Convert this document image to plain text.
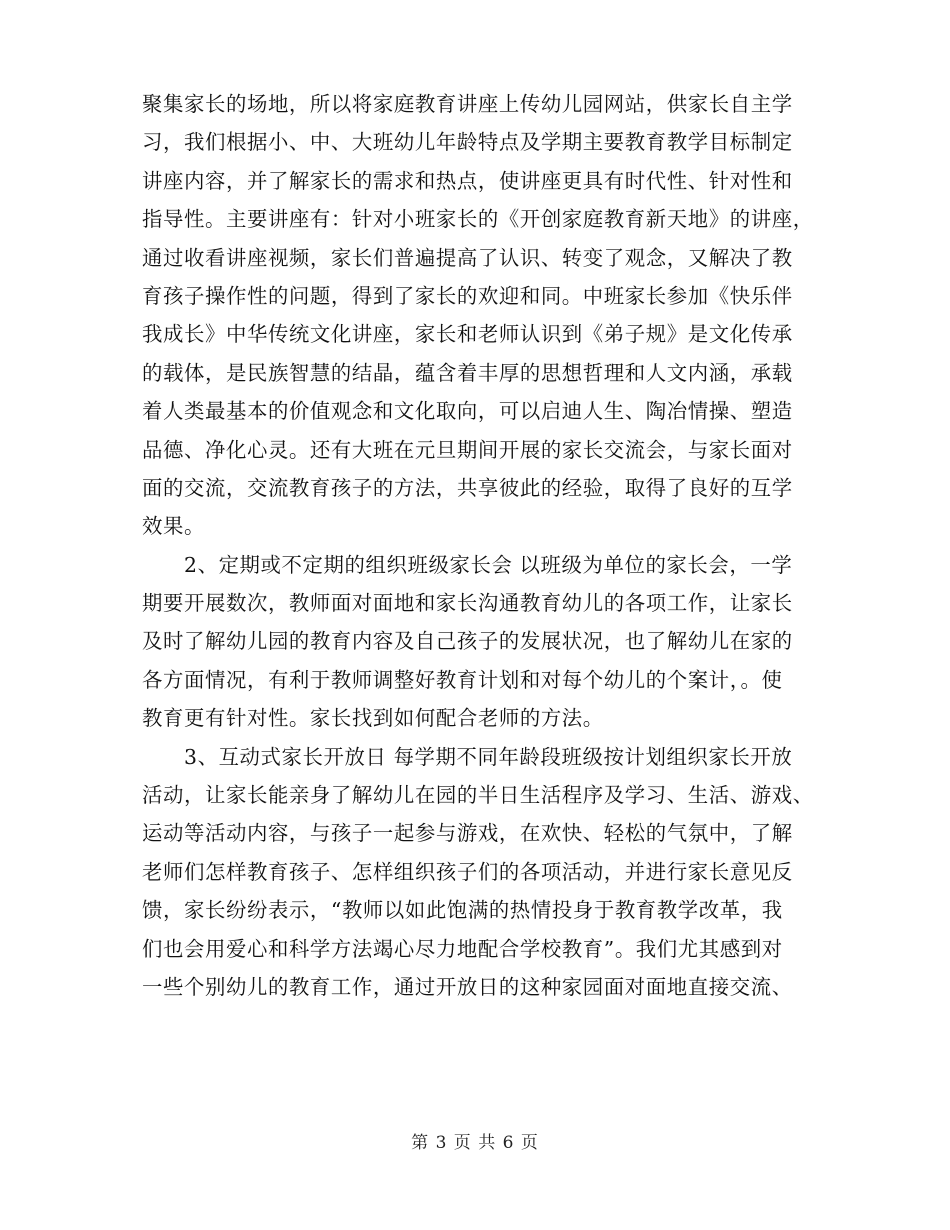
聚集家长的场地，所以将家庭教育讲座上传幼儿园网站，供家长自主学
习，我们根据小、中、大班幼儿年龄特点及学期主要教育教学目标制定
讲座内容，并了解家长的需求和热点，使讲座更具有时代性、针对性和
指导性。主要讲座有：针对小班家长的《开创家庭教育新天地》的讲座，
通过收看讲座视频，家长们普遍提高了认识、转变了观念，又解决了教
育孩子操作性的问题，得到了家长的欢迎和同。中班家长参加《快乐伴
我成长》中华传统文化讲座，家长和老师认识到《弟子规》是文化传承
的载体，是民族智慧的结晶，蕴含着丰厚的思想哲理和人文内涵，承载
着人类最基本的价值观念和文化取向，可以启迪人生、陶冶情操、塑造
品德、净化心灵。还有大班在元旦期间开展的家长交流会，与家长面对
面的交流，交流教育孩子的方法，共享彼此的经验，取得了良好的互学
效果。
2、定期或不定期的组织班级家长会 以班级为单位的家长会，一学
期要开展数次，教师面对面地和家长沟通教育幼儿的各项工作，让家长
及时了解幼儿园的教育内容及自己孩子的发展状况，也了解幼儿在家的
各方面情况，有利于教师调整好教育计划和对每个幼儿的个案计，。使
教育更有针对性。家长找到如何配合老师的方法。
3、互动式家长开放日 每学期不同年龄段班级按计划组织家长开放
活动，让家长能亲身了解幼儿在园的半日生活程序及学习、生活、游戏、
运动等活动内容，与孩子一起参与游戏，在欢快、轻松的气氛中，了解
老师们怎样教育孩子、怎样组织孩子们的各项活动，并进行家长意见反
馈，家长纷纷表示，“教师以如此饱满的热情投身于教育教学改革，我
们也会用爱心和科学方法竭心尽力地配合学校教育”。我们尤其感到对
一些个别幼儿的教育工作，通过开放日的这种家园面对面地直接交流、
第 3 页 共 6 页
